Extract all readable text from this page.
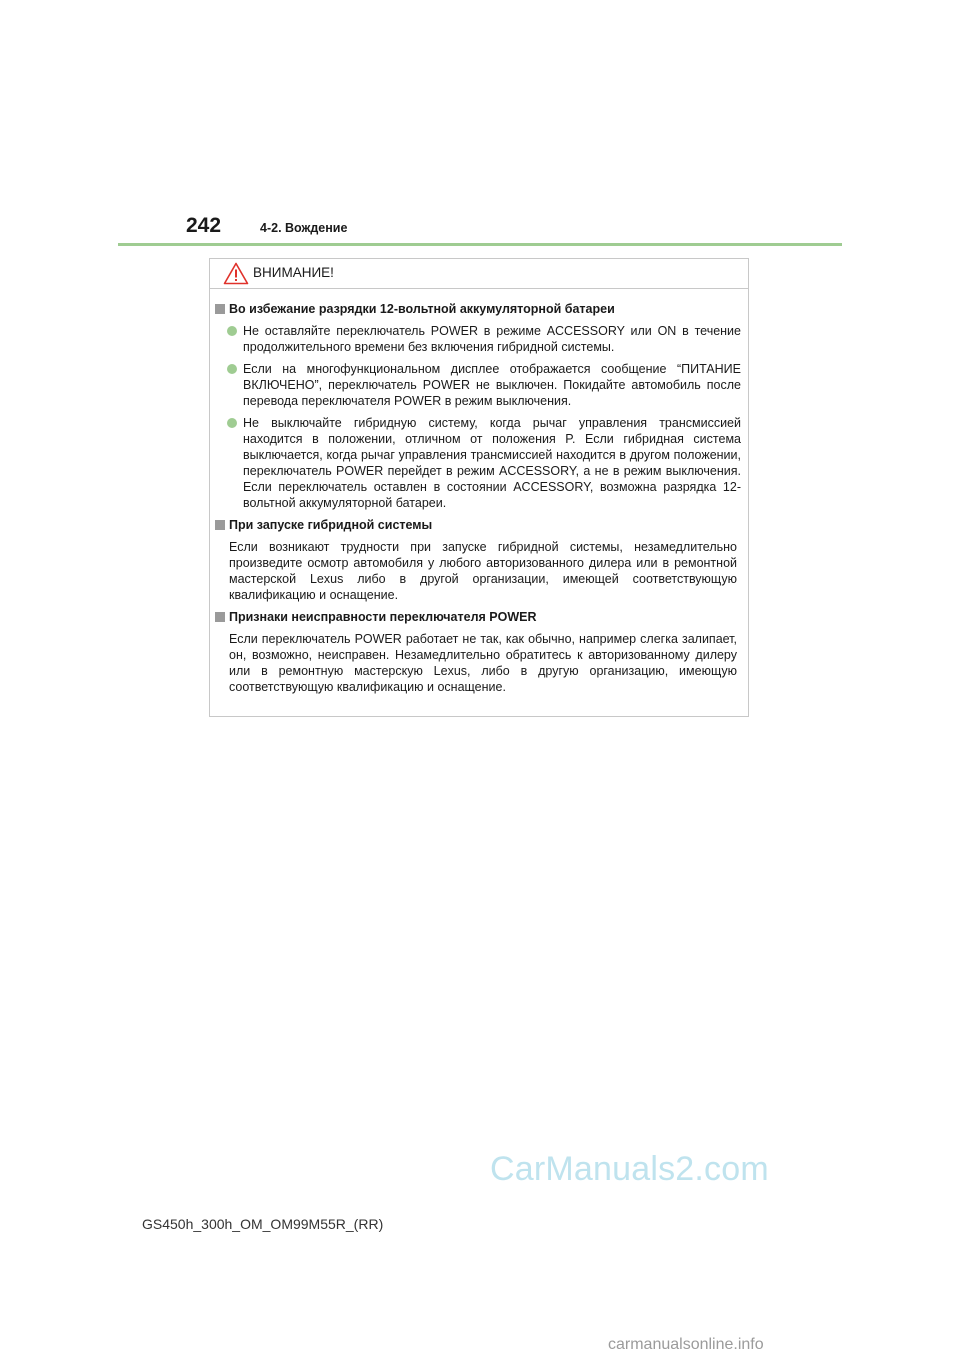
242	4-2. Вождение
ВНИМАНИЕ!
Во избежание разрядки 12-вольтной аккумуляторной батареи
Не оставляйте переключатель POWER в режиме ACCESSORY или ON в течение продолжительного времени без включения гибридной системы.
Если на многофункциональном дисплее отображается сообщение “ПИТАНИЕ ВКЛЮЧЕНО”, переключатель POWER не выключен. Покидайте автомобиль после перевода переключателя POWER в режим выключения.
Не выключайте гибридную систему, когда рычаг управления трансмиссией находится в положении, отличном от положения P. Если гибридная система выключается, когда рычаг управления трансмиссией находится в другом положении, переключатель POWER перейдет в режим ACCESSORY, а не в режим выключения. Если переключатель оставлен в состоянии ACCESSORY, возможна разрядка 12-вольтной аккумуляторной батареи.
При запуске гибридной системы
Если возникают трудности при запуске гибридной системы, незамедлительно произведите осмотр автомобиля у любого авторизованного дилера или в ремонтной мастерской Lexus либо в другой организации, имеющей соответствующую квалификацию и оснащение.
Признаки неисправности переключателя POWER
Если переключатель POWER работает не так, как обычно, например слегка залипает, он, возможно, неисправен. Незамедлительно обратитесь к авторизованному дилеру или в ремонтную мастерскую Lexus, либо в другую организацию, имеющую соответствующую квалификацию и оснащение.
CarManuals2.com
GS450h_300h_OM_OM99M55R_(RR)
carmanualsonline.info
